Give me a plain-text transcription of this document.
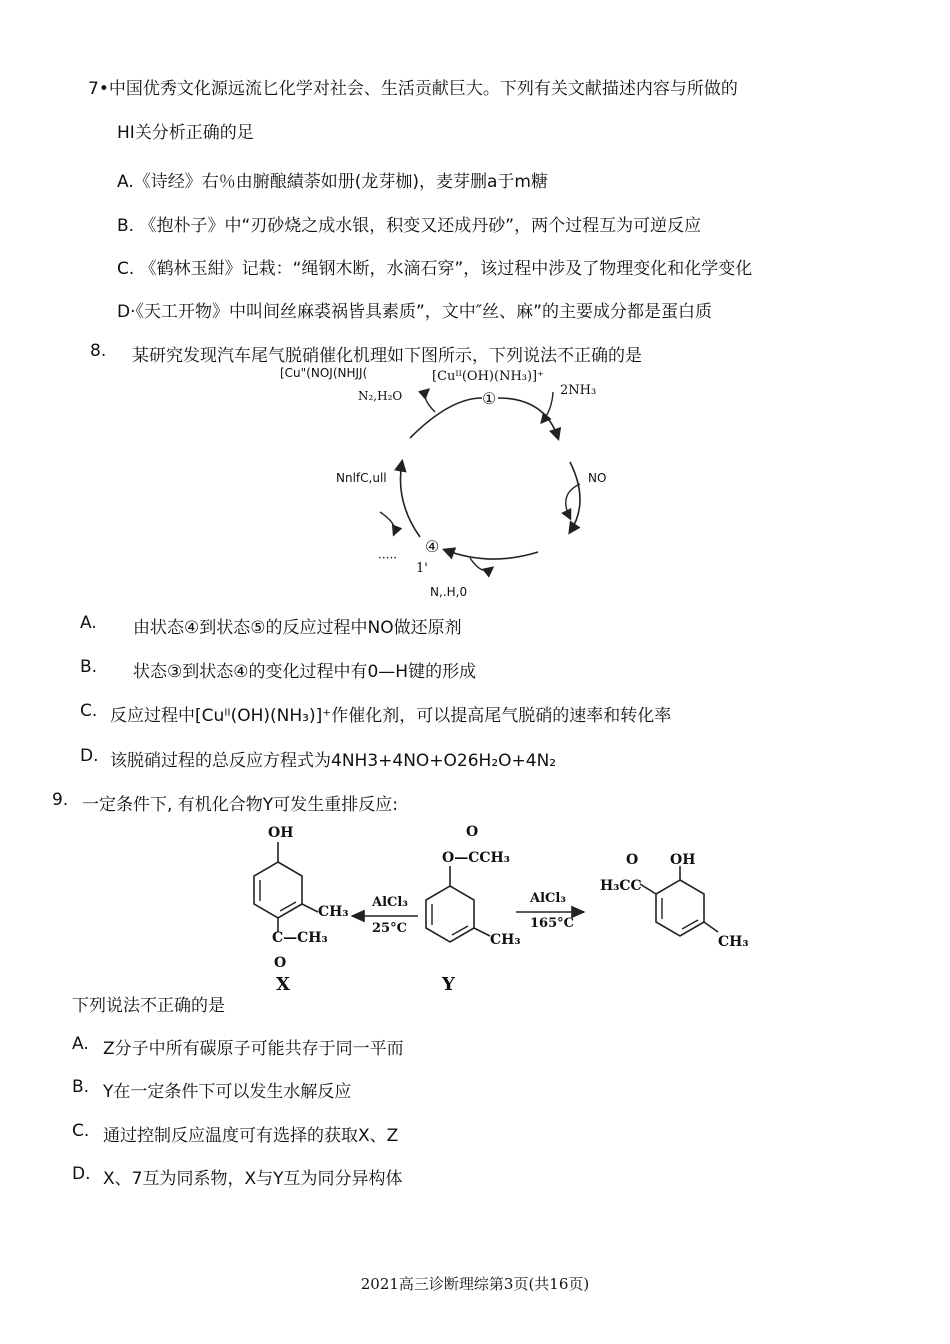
7•中国优秀文化源远流匕化学对社会、生活贡献巨大。下列有关文献描述内容与所做的
HI关分析正确的足
A.《诗经》右％由腑酿績荼如册(龙芽枷)，麦芽删a于m糖
B. 《抱朴子》中“刃砂烧之成水银，积变又还成丹砂”，两个过程互为可逆反应
C. 《鹤林玉紺》记栽：“绳钢木断，水滴石穿”，该过程中涉及了物理变化和化学变化
D·《天工开物》中叫间丝麻裘祸皆具素质”，文中″丝、麻”的主要成分都是蛋白质
8. 某研究发现汽车尾气脱硝催化机理如下图所示，下列说法不正确的是
[Cu"(NOJ(NHJJ(	[Cuᴵᴵ(OH)(NH₃)]⁺
N₂,H₂O	2NH₃
①
NnlfC,ull	NO
④
·····
1'
N,.H,0
A. 由状态④到状态⑤的反应过程中NO做还原剂
B. 状态③到状态④的变化过程中有0—H键的形成
C. 反应过程中[Cuᴵᴵ(OH)(NH₃)]⁺作催化剂，可以提高尾气脱硝的速率和转化率
D. 该脱硝过程的总反应方程式为4NH3+4NO+O26H₂O+4N₂
9. 一定条件下, 有机化合物Y可发生重排反应:
OH
CH₃
C—CH₃
O
X
AlCl₃
25°C
O
O—CCH₃
CH₃
Y
AlCl₃
165°C
O OH
H₃CC
CH₃
下列说法不正确的是
A. Z分子中所有碳原子可能共存于同一平而
B. Y在一定条件下可以发生水解反应
C. 通过控制反应温度可有选择的获取X、Z
D. X、7互为同系物，X与Y互为同分异构体
2021高三诊断理综第3页(共16页)
